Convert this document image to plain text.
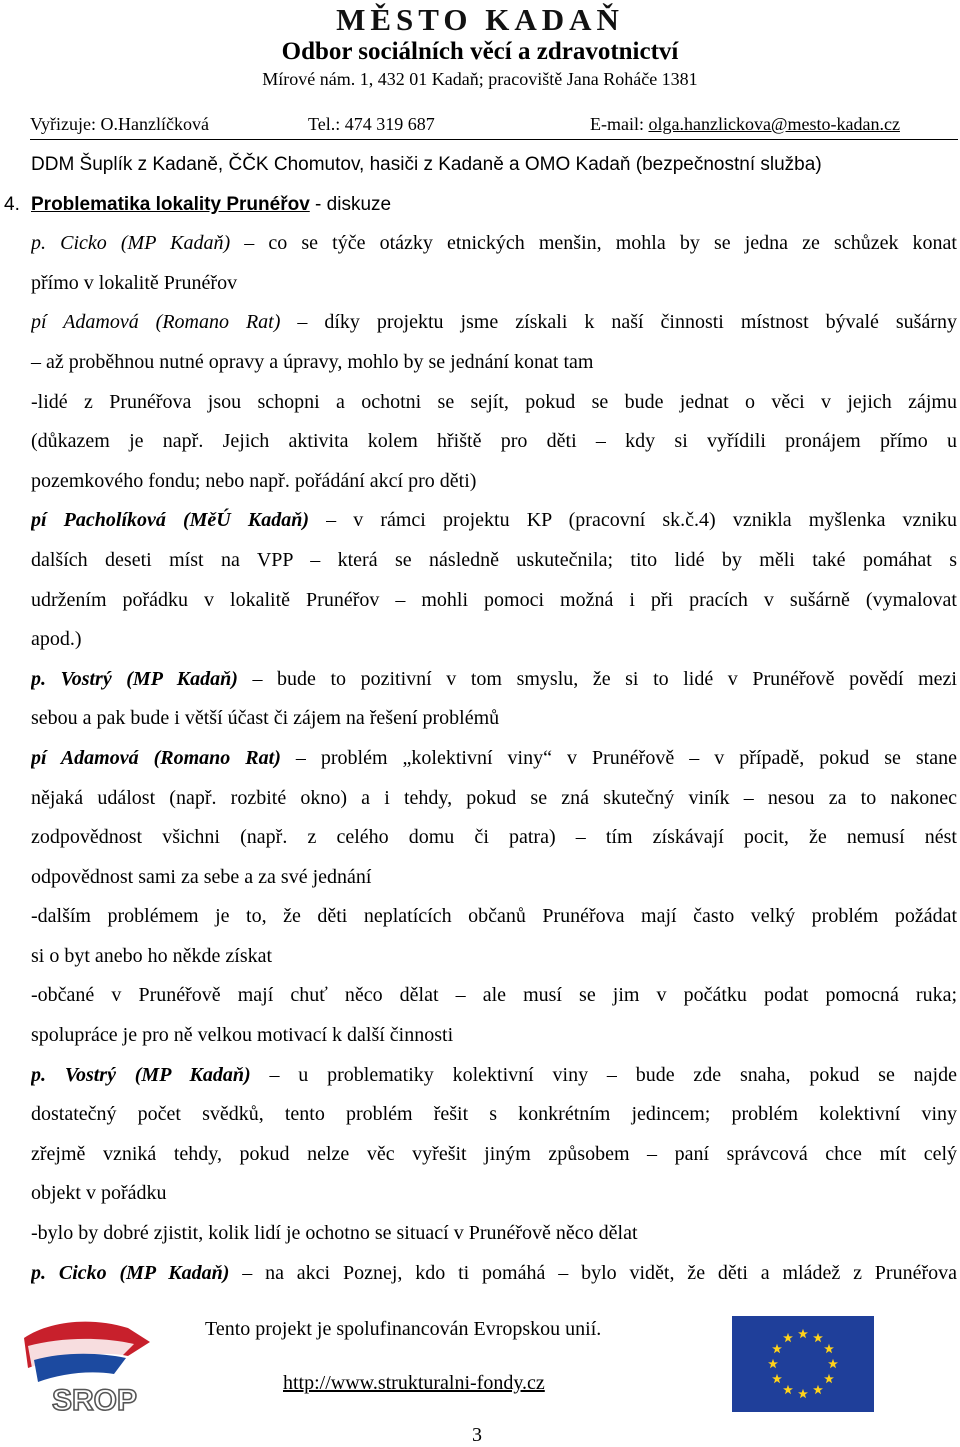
MĚSTO KADAŇ
Odbor sociálních věcí a zdravotnictví
Mírové nám. 1, 432 01 Kadaň; pracoviště Jana Roháče 1381
Vyřizuje: O.Hanzlíčková	Tel.: 474 319 687	E-mail: olga.hanzlickova@mesto-kadan.cz
DDM Šuplík z Kadaně, ČČK Chomutov, hasiči z Kadaně a OMO Kadaň (bezpečnostní služba)
4. Problematika lokality Prunéřov - diskuze
p. Cicko (MP Kadaň) – co se týče otázky etnických menšin, mohla by se jedna ze schůzek konat
přímo v lokalitě Prunéřov
pí Adamová (Romano Rat) – díky projektu jsme získali k naší činnosti místnost bývalé sušárny
– až proběhnou nutné opravy a úpravy, mohlo by se jednání konat tam
-lidé z Prunéřova jsou schopni a ochotni se sejít, pokud se bude jednat o věci v jejich zájmu
(důkazem je např. Jejich aktivita kolem hřiště pro děti – kdy si vyřídili pronájem přímo u
pozemkového fondu; nebo např. pořádání akcí pro děti)
pí Pacholíková (MěÚ Kadaň) – v rámci projektu KP (pracovní sk.č.4) vznikla myšlenka vzniku
dalších deseti míst na VPP – která se následně uskutečnila; tito lidé by měli také pomáhat s
udržením pořádku v lokalitě Prunéřov – mohli pomoci možná i při pracích v sušárně (vymalovat
apod.)
p. Vostrý (MP Kadaň) – bude to pozitivní v tom smyslu, že si to lidé v Prunéřově povědí mezi
sebou a pak bude i větší účast či zájem na řešení problémů
pí Adamová (Romano Rat) – problém „kolektivní viny“ v Prunéřově – v případě, pokud se stane
nějaká událost (např. rozbité okno) a i tehdy, pokud se zná skutečný viník – nesou za to nakonec
zodpovědnost všichni (např. z celého domu či patra) – tím získávají pocit, že nemusí nést
odpovědnost sami za sebe a za své jednání
-dalším problémem je to, že děti neplatících občanů Prunéřova mají často velký problém požádat
si o byt anebo ho někde získat
-občané v Prunéřově mají chuť něco dělat – ale musí se jim v počátku podat pomocná ruka;
spolupráce je pro ně velkou motivací k další činnosti
p. Vostrý (MP Kadaň) – u problematiky kolektivní viny – bude zde snaha, pokud se najde
dostatečný počet svědků, tento problém řešit s konkrétním jedincem; problém kolektivní viny
zřejmě vzniká tehdy, pokud nelze věc vyřešit jiným způsobem – paní správcová chce mít celý
objekt v pořádku
-bylo by dobré zjistit, kolik lidí je ochotno se situací v Prunéřově něco dělat
p. Cicko (MP Kadaň) – na akci Poznej, kdo ti pomáhá – bylo vidět, že děti a mládež z Prunéřova
SROP
Tento projekt je spolufinancován Evropskou unií.
http://www.strukturalni-fondy.cz
3
